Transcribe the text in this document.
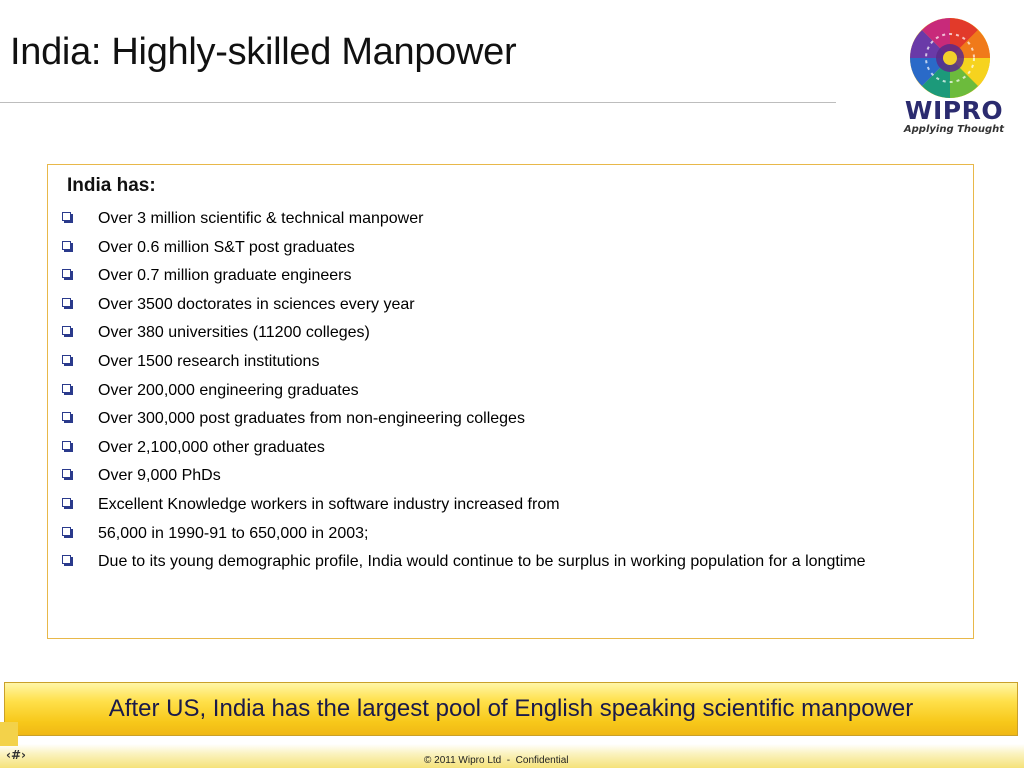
India: Highly-skilled Manpower
WIPRO
Applying Thought
India has:
Over 3 million scientific & technical manpower
Over 0.6 million S&T post graduates
Over 0.7 million graduate engineers
Over 3500 doctorates in sciences every year
Over 380 universities (11200 colleges)
Over 1500 research institutions
Over 200,000 engineering graduates
Over 300,000 post graduates from non-engineering colleges
Over 2,100,000 other graduates
Over 9,000 PhDs
Excellent Knowledge workers in software industry increased from
56,000 in 1990-91 to 650,000 in 2003;
Due to its young demographic profile, India would continue to be surplus in working population for a longtime
After US, India has the largest pool of English speaking scientific manpower
‹#›	© 2011 Wipro Ltd  -  Confidential
